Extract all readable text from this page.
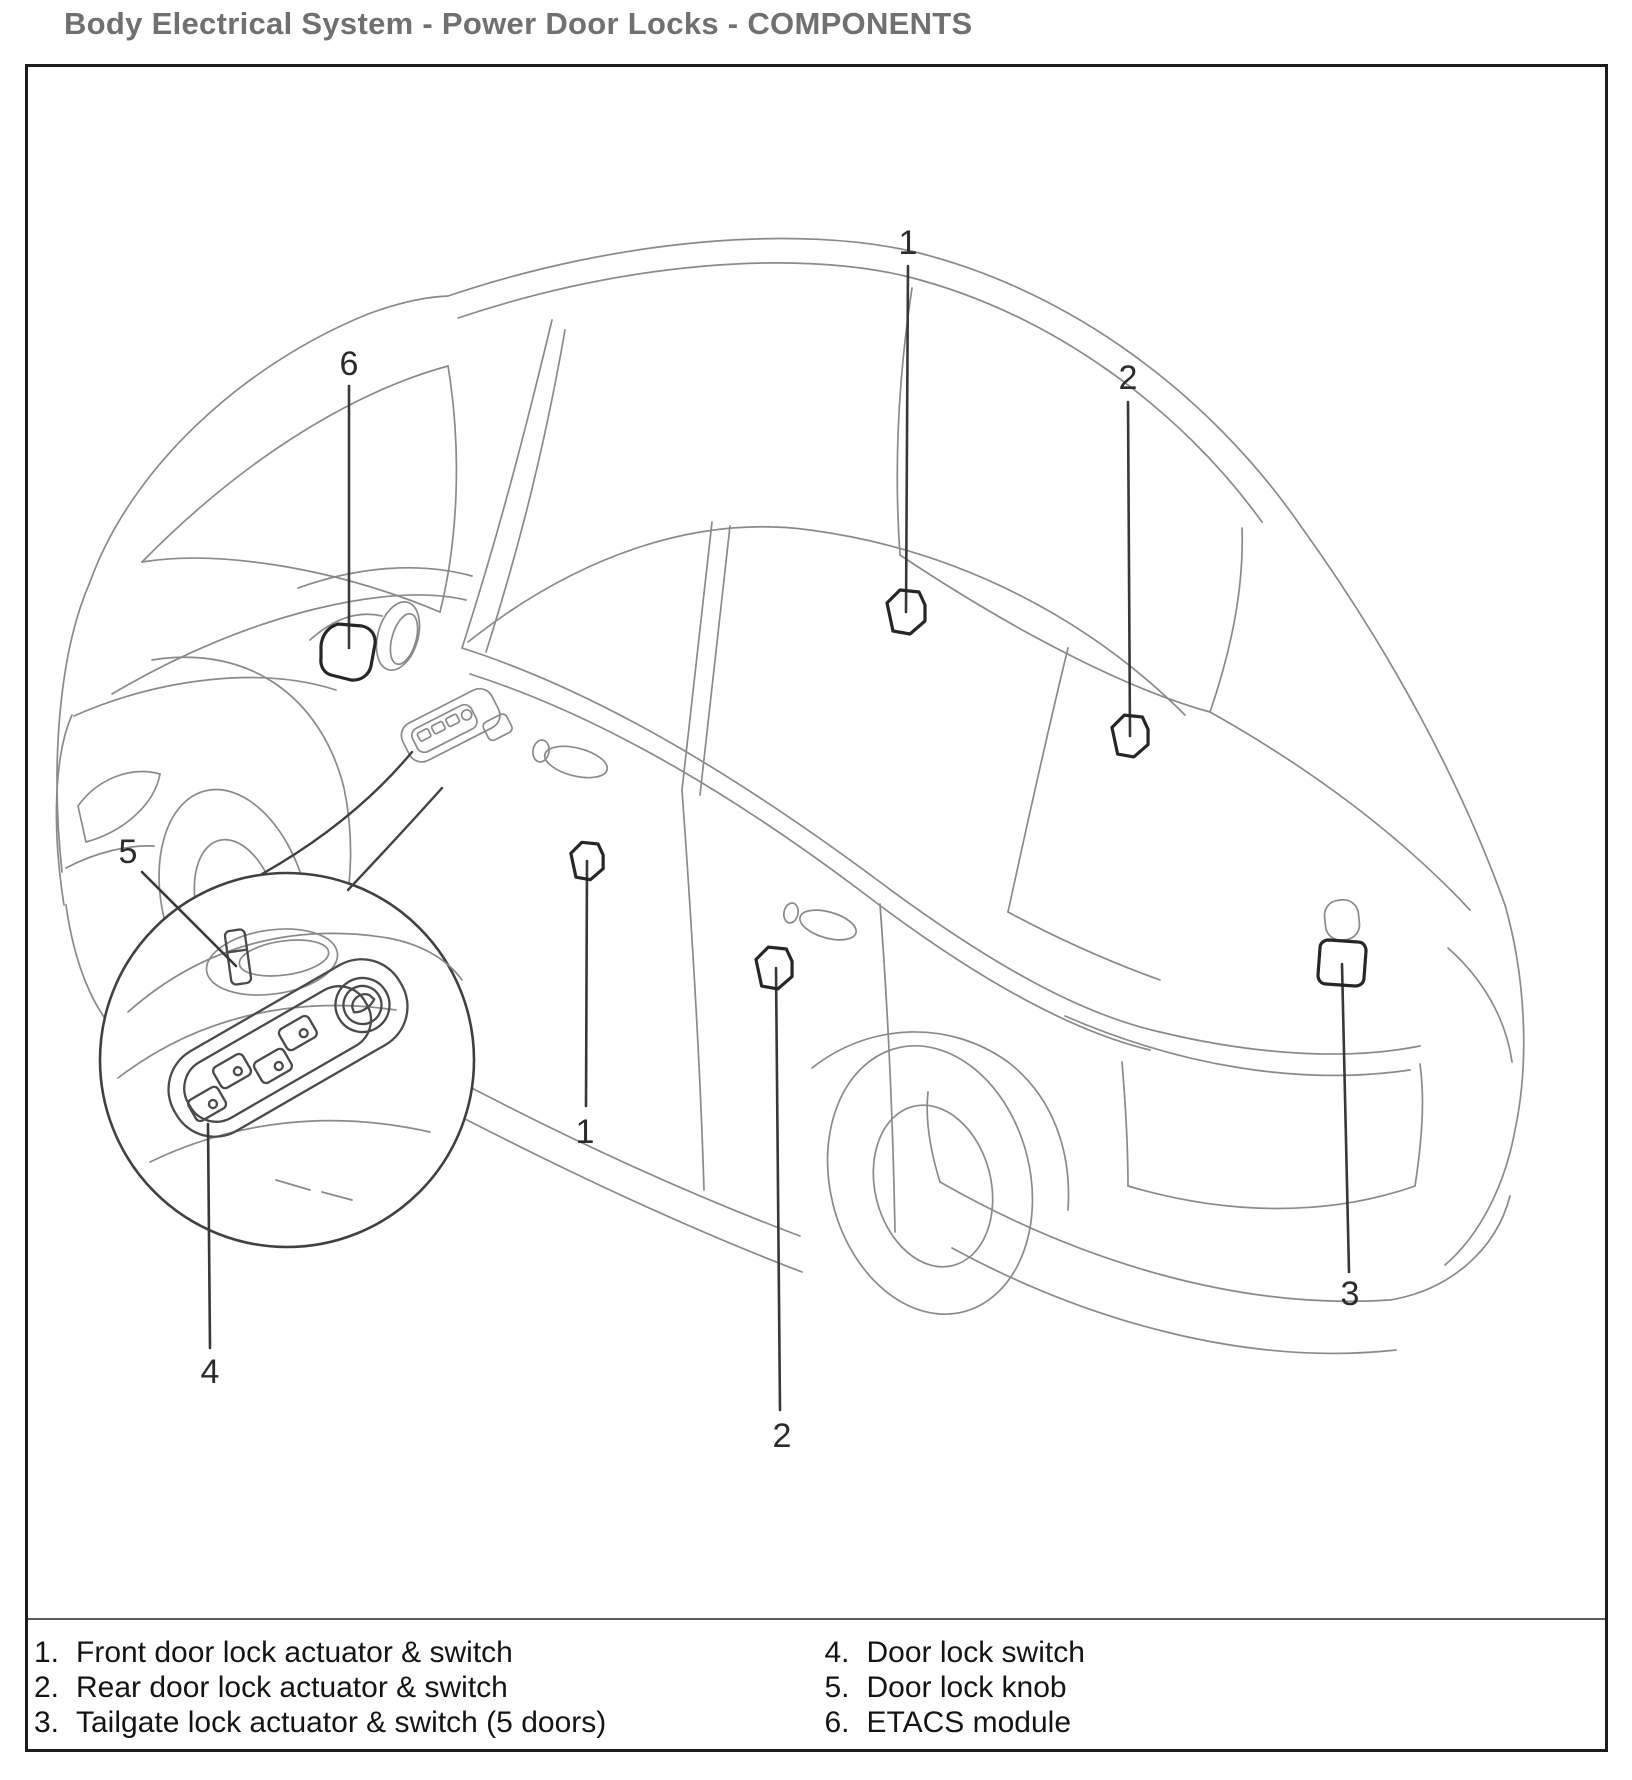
Body Electrical System - Power Door Locks - COMPONENTS
1
2
1
2
3
6
5
4
1. Front door lock actuator & switch
2. Rear door lock actuator & switch
3. Tailgate lock actuator & switch (5 doors)
4. Door lock switch
5. Door lock knob
6. ETACS module
